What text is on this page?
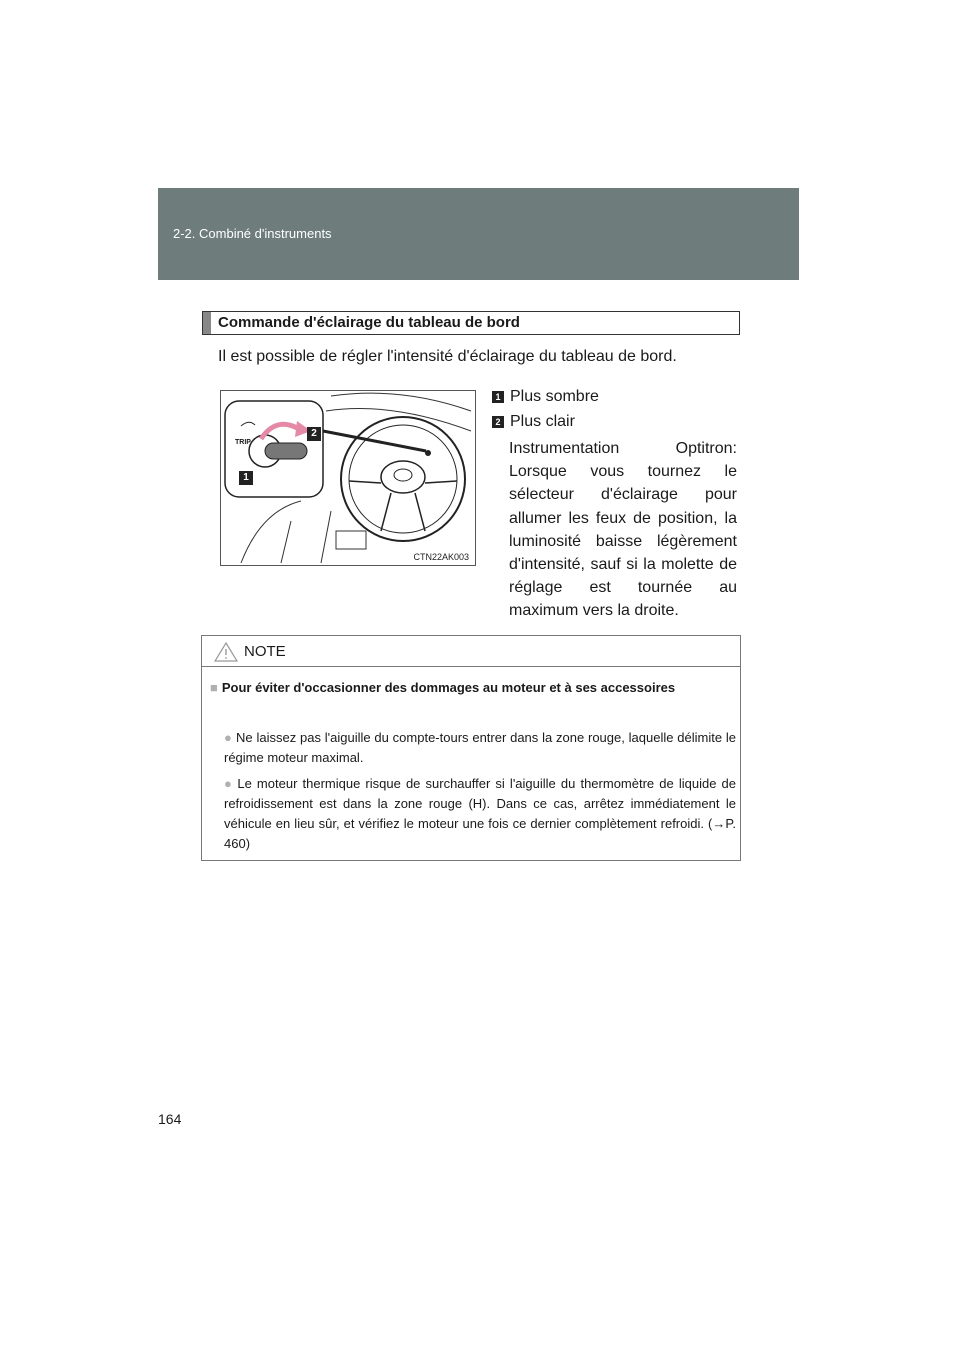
2-2. Combiné d'instruments
Commande d'éclairage du tableau de bord
Il est possible de régler l'intensité d'éclairage du tableau de bord.
TRIP
2
1
CTN22AK003
1 Plus sombre
2 Plus clair
Instrumentation Optitron: Lorsque vous tournez le sélecteur d'éclairage pour allumer les feux de position, la luminosité baisse légèrement d'intensité, sauf si la molette de réglage est tournée au maximum vers la droite.
NOTE
■ Pour éviter d'occasionner des dommages au moteur et à ses accessoires
● Ne laissez pas l'aiguille du compte-tours entrer dans la zone rouge, laquelle délimite le régime moteur maximal.
● Le moteur thermique risque de surchauffer si l'aiguille du thermomètre de liquide de refroidissement est dans la zone rouge (H). Dans ce cas, arrêtez immédiatement le véhicule en lieu sûr, et vérifiez le moteur une fois ce dernier complètement refroidi. (→P. 460)
164
